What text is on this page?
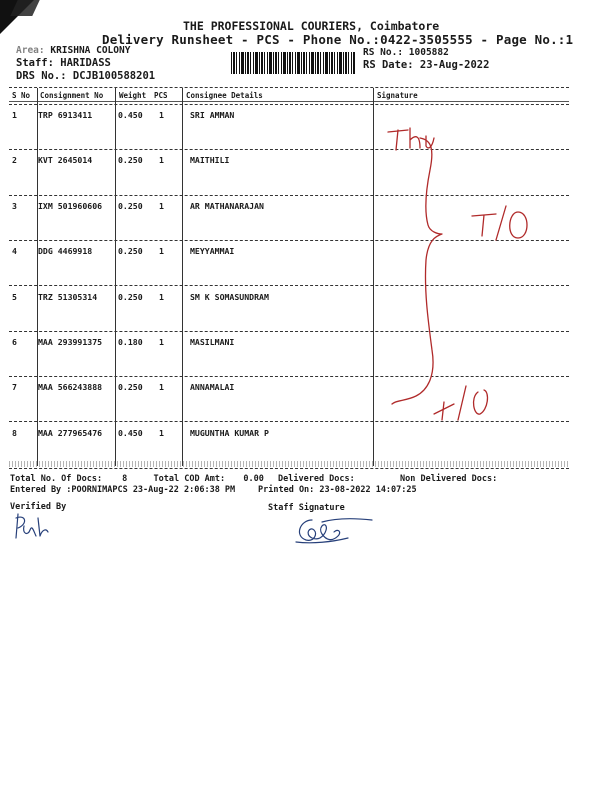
THE PROFESSIONAL COURIERS, Coimbatore
Delivery Runsheet - PCS - Phone No.:0422-3505555 - Page No.:1
Area: KRISHNA COLONY
Staff: HARIDASS
DRS No.: DCJB100588201
RS No.: 1005882
RS Date: 23-Aug-2022
S No Consignment No Weight PCS Consignee Details	Signature
1	TRP 6913411	0.450 1	SRI AMMAN
2	KVT 2645014	0.250 1	MAITHILI
3	IXM 501960606 0.250 1	AR MATHANARAJAN
4	DDG 4469918	0.250 1	MEYYAMMAI
5	TRZ 51305314	0.250 1	SM K SOMASUNDRAM
6	MAA 293991375 0.180 1	MASILMANI
7	MAA 566243888 0.250 1	ANNAMALAI
8	MAA 277965476 0.450 1	MUGUNTHA KUMAR P
Total No. Of Docs: 8	Total COD Amt: 0.00 Delivered Docs:	Non Delivered Docs:
Entered By :POORNIMAPCS 23-Aug-22 2:06:38 PM	Printed On: 23-08-2022 14:07:25
Verified By	Staff Signature
